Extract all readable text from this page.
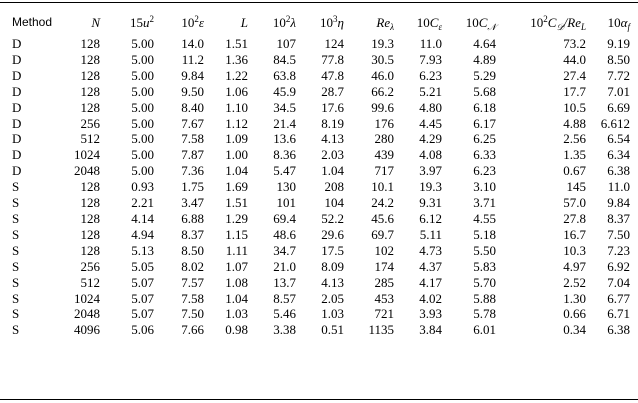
Method	N	$15u^2$	$10^2\varepsilon$	L	$10^2\lambda$	$10^3\eta$	$Re_\lambda$	$10C_\varepsilon$	$10C_𝒩$	$10^2C_𝒟/Re_L$	$10\alpha_f$
D	128	5.00	14.0	1.51	107	124	19.3	11.0	4.64	73.2	9.19
D	128	5.00	11.2	1.36	84.5	77.8	30.5	7.93	4.89	44.0	8.50
D	128	5.00	9.84	1.22	63.8	47.8	46.0	6.23	5.29	27.4	7.72
D	128	5.00	9.50	1.06	45.9	28.7	66.2	5.21	5.68	17.7	7.01
D	128	5.00	8.40	1.10	34.5	17.6	99.6	4.80	6.18	10.5	6.69
D	256	5.00	7.67	1.12	21.4	8.19	176	4.45	6.17	4.88	6.612
D	512	5.00	7.58	1.09	13.6	4.13	280	4.29	6.25	2.56	6.54
D	1024	5.00	7.87	1.00	8.36	2.03	439	4.08	6.33	1.35	6.34
D	2048	5.00	7.36	1.04	5.47	1.04	717	3.97	6.23	0.67	6.38
S	128	0.93	1.75	1.69	130	208	10.1	19.3	3.10	145	11.0
S	128	2.21	3.47	1.51	101	104	24.2	9.31	3.71	57.0	9.84
S	128	4.14	6.88	1.29	69.4	52.2	45.6	6.12	4.55	27.8	8.37
S	128	4.94	8.37	1.15	48.6	29.6	69.7	5.11	5.18	16.7	7.50
S	128	5.13	8.50	1.11	34.7	17.5	102	4.73	5.50	10.3	7.23
S	256	5.05	8.02	1.07	21.0	8.09	174	4.37	5.83	4.97	6.92
S	512	5.07	7.57	1.08	13.7	4.13	285	4.17	5.70	2.52	7.04
S	1024	5.07	7.58	1.04	8.57	2.05	453	4.02	5.88	1.30	6.77
S	2048	5.07	7.50	1.03	5.46	1.03	721	3.93	5.78	0.66	6.71
S	4096	5.06	7.66	0.98	3.38	0.51	1135	3.84	6.01	0.34	6.38
